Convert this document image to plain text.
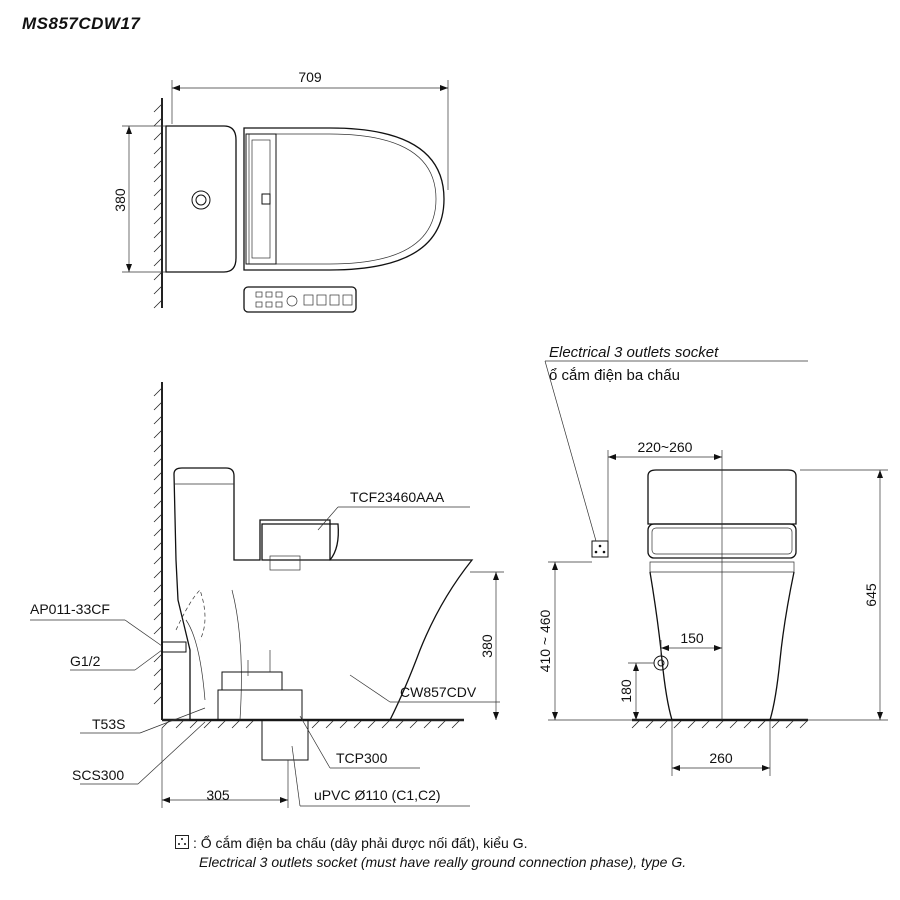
MS857CDW17
709
380
TCF23460AAA
AP011-33CF
G1/2
CW857CDV
T53S
TCP300
SCS300
uPVC Ø110 (C1,C2)
380
305
Electrical 3 outlets socket
ổ cắm điện ba chấu
220~260
410 ~ 460
645
150
180
260
: Ổ cắm điện ba chấu (dây phải được nối đất), kiểu G.
Electrical 3 outlets socket (must have really ground connection phase), type G.
